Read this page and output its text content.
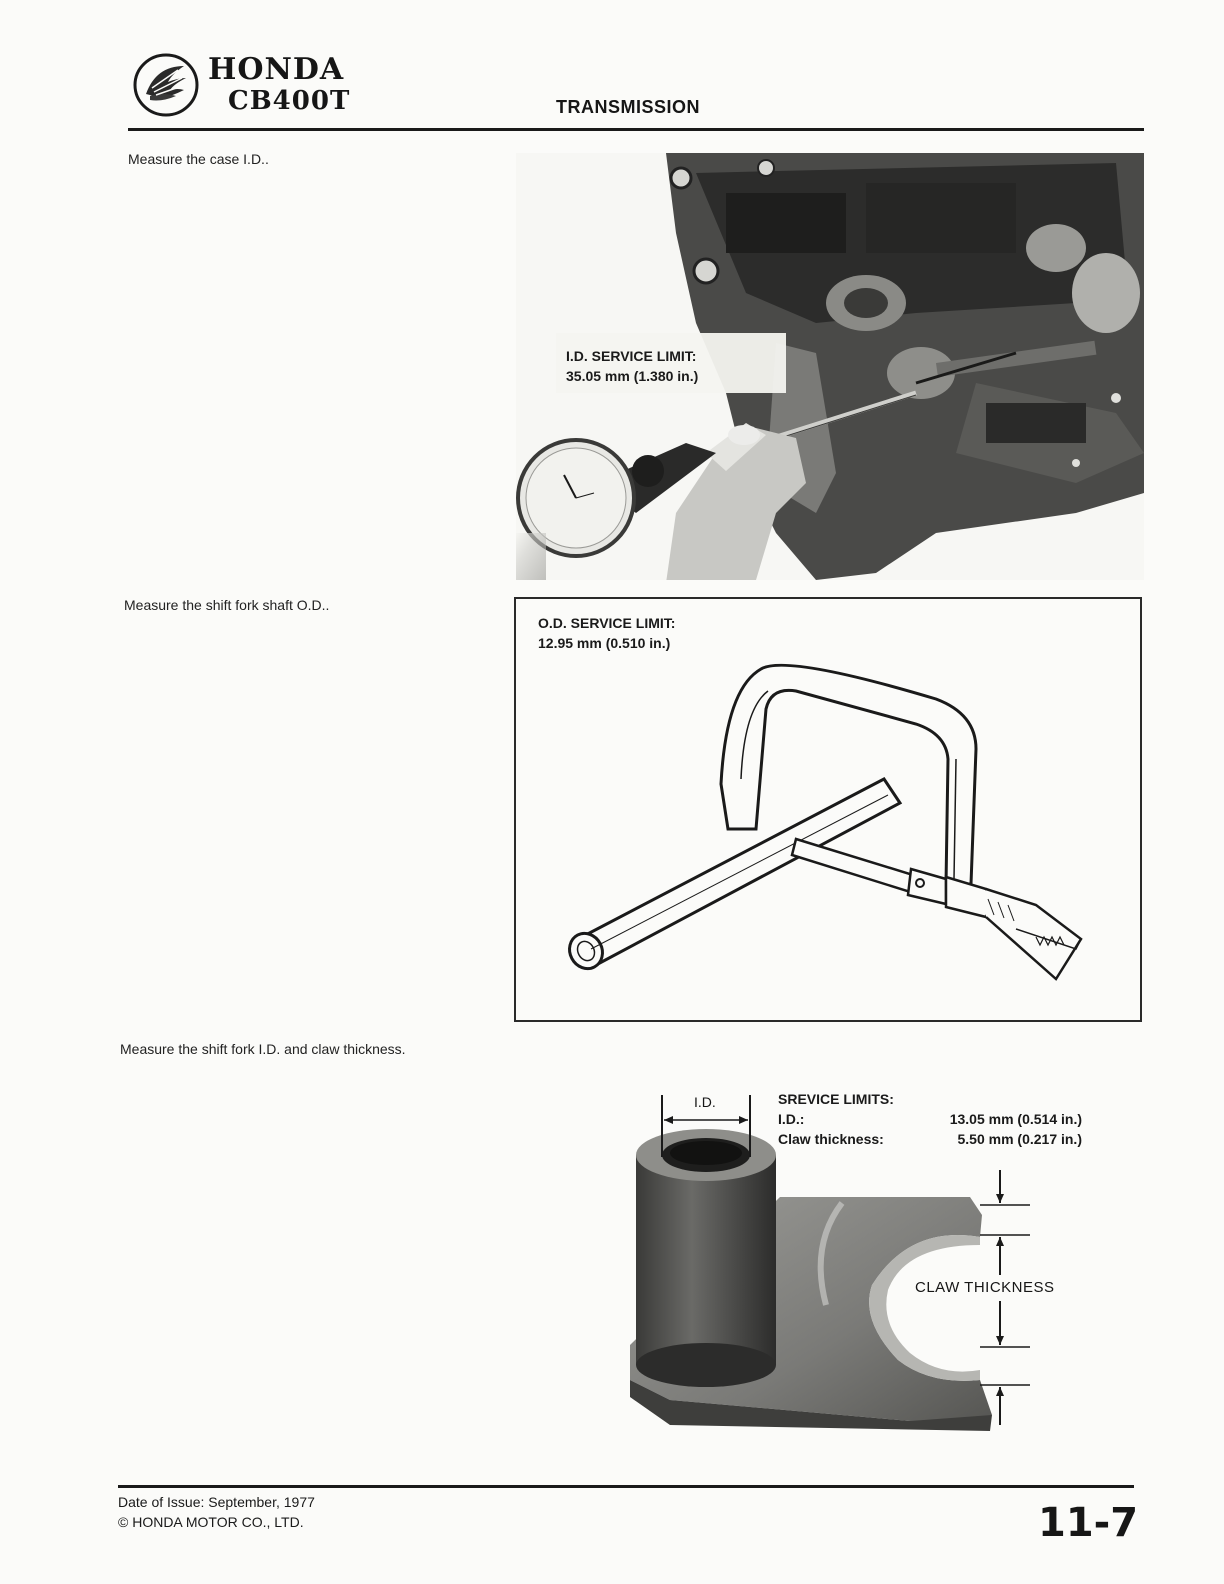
HONDA
CB400T	TRANSMISSION
Measure the case I.D..
I.D. SERVICE LIMIT:
35.05 mm (1.380 in.)
Measure the shift fork shaft O.D..
O.D. SERVICE LIMIT:
12.95 mm (0.510 in.)
Measure the shift fork I.D. and claw thickness.
I.D.	SREVICE LIMITS:
I.D.:	13.05 mm (0.514 in.)
Claw thickness:	5.50 mm (0.217 in.)
CLAW THICKNESS
Date of Issue: September, 1977
© HONDA MOTOR CO., LTD.	11-7
